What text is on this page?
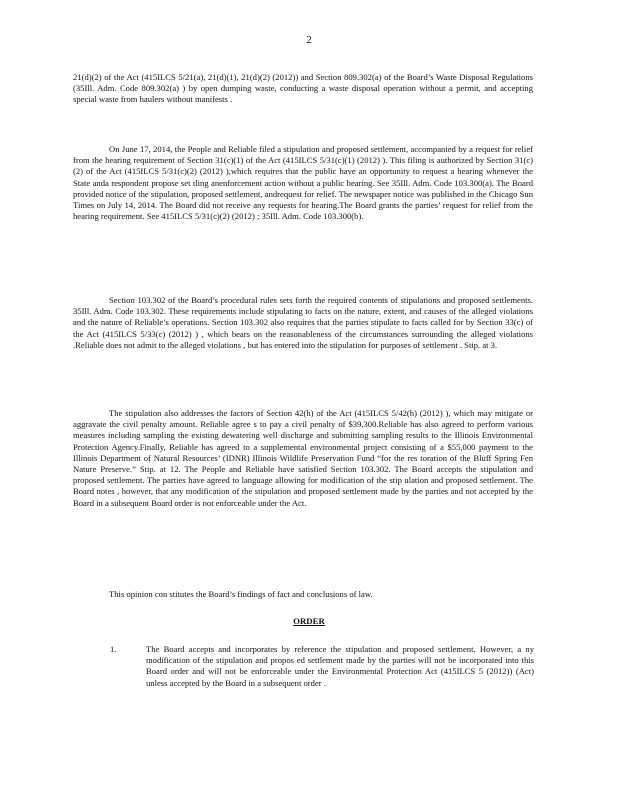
2

21(d)(2) of the Act (415ILCS 5/21(a), 21(d)(1), 21(d)(2) (2012)) and Section 809.302(a) of the Board’s Waste Disposal Regulations (35Ill. Adm. Code 809.302(a) ) by open dumping waste, conducting a waste disposal operation without a permit, and accepting special waste from haulers without manifests .

On June 17, 2014, the People and Reliable filed a stipulation and proposed settlement, accompanied by a request for relief from the hearing requirement of Section 31(c)(1) of the Act (415ILCS 5/31(c)(1) (2012) ). This filing is authorized by Section 31(c)(2) of the Act (415ILCS 5/31(c)(2) (2012) ),which requires that the public have an opportunity to request a hearing whenever the State anda respondent propose set tling anenforcement action without a public hearing. See 35Ill. Adm. Code 103.300(a). The Board provided notice of the stipulation, proposed settlement, andrequest for relief. The newspaper notice was published in the Chicago Sun Times on July 14, 2014. The Board did not receive any requests for hearing.The Board grants the parties’ request for relief from the hearing requirement. See 415ILCS 5/31(c)(2) (2012) ; 35Ill. Adm. Code 103.300(b).

Section 103.302 of the Board’s procedural rules sets forth the required contents of stipulations and proposed settlements. 35Ill. Adm. Code 103.302. These requirements include stipulating to facts on the nature, extent, and causes of the alleged violations and the nature of Reliable’s operations. Section 103.302 also requires that the parties stipulate to facts called for by Section 33(c) of the Act (415ILCS 5/33(c) (2012) ) , which bears on the reasonableness of the circumstances surrounding the alleged violations .Reliable does not admit to the alleged violations , but has entered into the stipulation for purposes of settlement . Stip. at 3.

The stipulation also addresses the factors of Section 42(h) of the Act (415ILCS 5/42(h) (2012) ), which may mitigate or aggravate the civil penalty amount. Reliable agree s to pay a civil penalty of $39,300.Reliable has also agreed to perform various measures including sampling the existing dewatering well discharge and submitting sampling results to the Illinois Environmental Protection Agency.Finally, Reliable has agreed to a supplemental environmental project consisting of a $55,000 payment to the Illinois Department of Natural Resources’ (IDNR) Illinois Wildlife Preservation Fund “for the res toration of the Bluff Spring Fen Nature Preserve.” Stip. at 12. The People and Reliable have satisfied Section 103.302. The Board accepts the stipulation and proposed settlement. The parties have agreed to language allowing for modification of the stip ulation and proposed settlement. The Board notes , however, that any modification of the stipulation and proposed settlement made by the parties and not accepted by the Board in a subsequent Board order is not enforceable under the Act.

This opinion con stitutes the Board’s findings of fact and conclusions of law.

ORDER

1.	The Board accepts and incorporates by reference the stipulation and proposed settlement. However, a ny modification of the stipulation and propos ed settlement made by the parties will not be incorporated into this Board order and will not be enforceable under the Environmental Protection Act (415ILCS 5 (2012)) (Act) unless accepted by the Board in a subsequent order .
